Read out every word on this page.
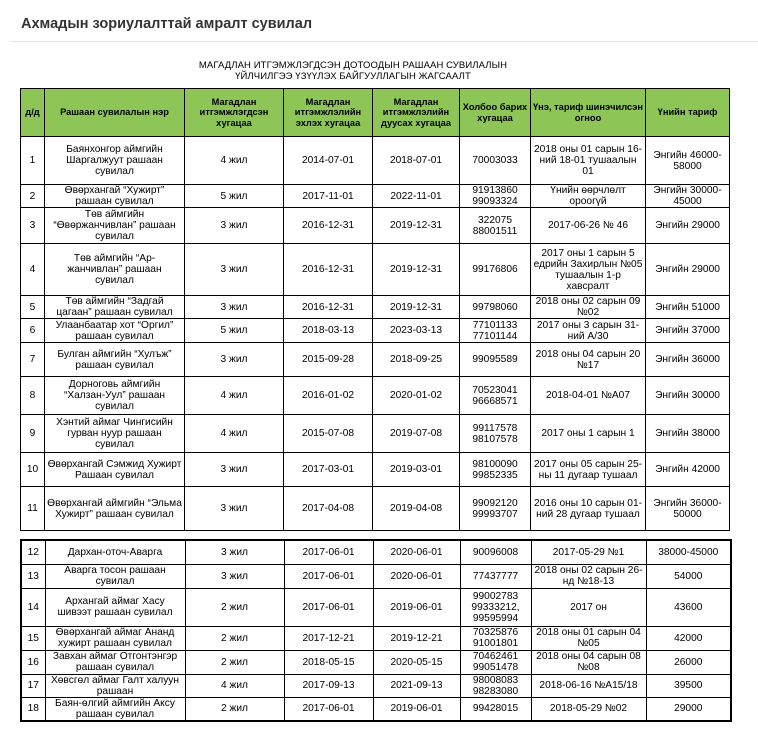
Ахмадын зориулалттай амралт сувилал
МАГАДЛАН ИТГЭМЖЛЭГДСЭН ДОТООДЫН РАШААН СУВИЛАЛЫН
ҮЙЛЧИЛГЭЭ ҮЗҮҮЛЭХ БАЙГУУЛЛАГЫН ЖАГСААЛТ
д/д	Рашаан сувилалын нэр	Магадлан итгэмжлэгдсэн хугацаа	Магадлан итгэмжлэлийн эхлэх хугацаа	Магадлан итгэмжлэлийн дуусах хугацаа	Холбоо барих хугацаа	Үнэ, тариф шинэчилсэн огноо	Үнийн тариф
1	Баянхонгор аймгийн Шаргалжуут рашаан сувилал	4 жил	2014-07-01	2018-07-01	70003033	2018 оны 01 сарын 16-ний 18-01 тушаалын 01	Энгийн 46000-58000
2	Өвөрхангай “Хужирт” рашаан сувилал	5 жил	2017-11-01	2022-11-01	91913860 99093324	Үнийн өөрчлөлт ороогүй	Энгийн 30000-45000
3	Төв аймгийн “Өвөржанчивлан” рашаан сувилал	3 жил	2016-12-31	2019-12-31	322075 88001511	2017-06-26 № 46	Энгийн 29000
4	Төв аймгийн “Ар-жанчивлан” рашаан сувилал	3 жил	2016-12-31	2019-12-31	99176806	2017 оны 1 сарын 5 едрийн Захирлын №05 тушаалын 1-р хавсралт	Энгийн 29000
5	Төв аймгийн “Задгай цагаан” рашаан сувилал	3 жил	2016-12-31	2019-12-31	99798060	2018 оны 02 сарын 09 №02	Энгийн 51000
6	Улаанбаатар хот “Оргил” рашаан сувилал	5 жил	2018-03-13	2023-03-13	77101133 77101144	2017 оны 3 сарын 31-ний А/30	Энгийн 37000
7	Булган аймгийн “Хулъж” рашаан сувилал	3 жил	2015-09-28	2018-09-25	99095589	2018 оны 04 сарын 20 №17	Энгийн 36000
8	Дорноговь аймгийн “Халзан-Уул” рашаан сувилал	4 жил	2016-01-02	2020-01-02	70523041 96668571	2018-04-01 №А07	Энгийн 30000
9	Хэнтий аймаг Чингисийн гурван нуур рашаан сувилал	4 жил	2015-07-08	2019-07-08	99117578 98107578	2017 оны 1 сарын 1	Энгийн 38000
10	Өвөрхангай Сэмжид Хужирт Рашаан сувилал	3 жил	2017-03-01	2019-03-01	98100090 99852335	2017 оны 05 сарын 25-ны 11 дугаар тушаал	Энгийн 42000
11	Өвөрхангай аймгийн “Эльма Хужирт” рашаан сувилал	3 жил	2017-04-08	2019-04-08	99092120 99993707	2016 оны 10 сарын 01-ний 28 дугаар тушаал	Энгийн 36000-50000
12	Дархан-оточ-Аварга	3 жил	2017-06-01	2020-06-01	90096008	2017-05-29 №1	38000-45000
13	Аварга тосон рашаан сувилал	3 жил	2017-06-01	2020-06-01	77437777	2018 оны 02 сарын 26-нд №18-13	54000
14	Архангай аймаг Хасу шивээт рашаан сувилал	2 жил	2017-06-01	2019-06-01	99002783 99333212, 99595994	2017 он	43600
15	Өвөрхангай аймаг Ананд хужирт рашаан сувилал	2 жил	2017-12-21	2019-12-21	70325876 91001801	2018 оны 01 сарын 04 №05	42000
16	Завхан аймаг Отгонтэнгэр рашаан сувилал	2 жил	2018-05-15	2020-05-15	70462461 99051478	2018 оны 04 сарын 08 №08	26000
17	Хөвсгөл аймаг Галт халуун рашаан	4 жил	2017-09-13	2021-09-13	98008083 98283080	2018-06-16 №А15/18	39500
18	Баян-өлгий аймгийн Аксу рашаан сувилал	2 жил	2017-06-01	2019-06-01	99428015	2018-05-29 №02	29000
